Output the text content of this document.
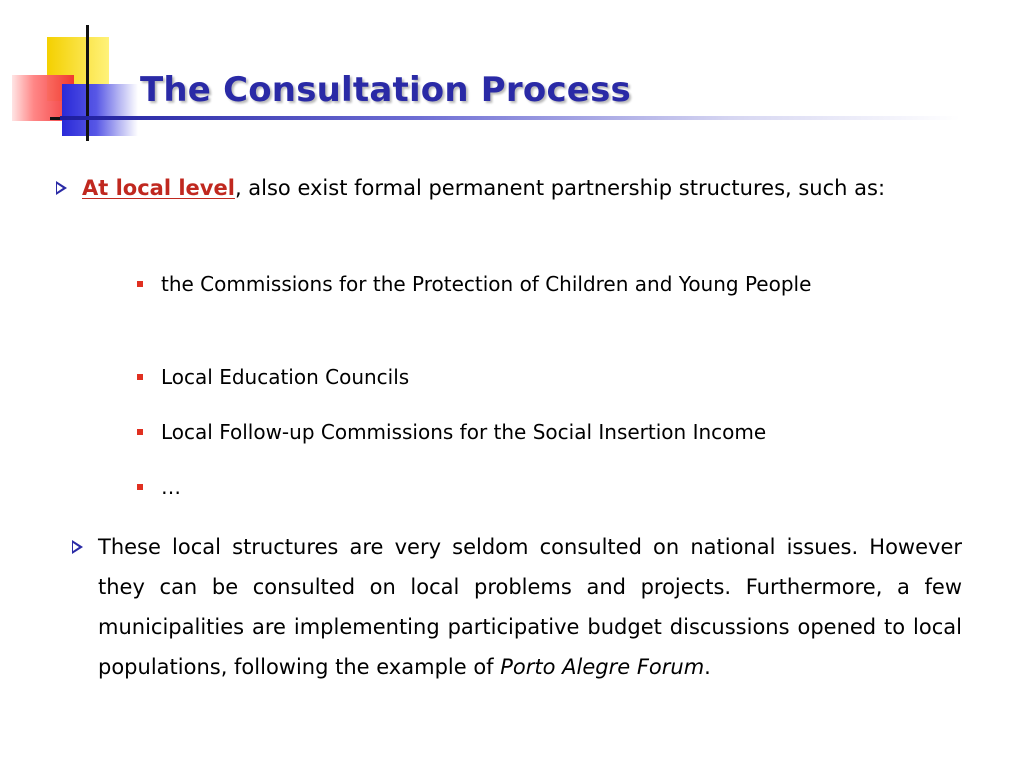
The Consultation Process

At local level, also exist formal permanent partnership structures, such as:

the Commissions for the Protection of Children and Young People

Local Education Councils

Local Follow-up Commissions for the Social Insertion Income

…

These local structures are very seldom consulted on national issues. However they can be consulted on local problems and projects. Furthermore, a few municipalities are implementing participative budget discussions opened to local populations, following the example of Porto Alegre Forum.
